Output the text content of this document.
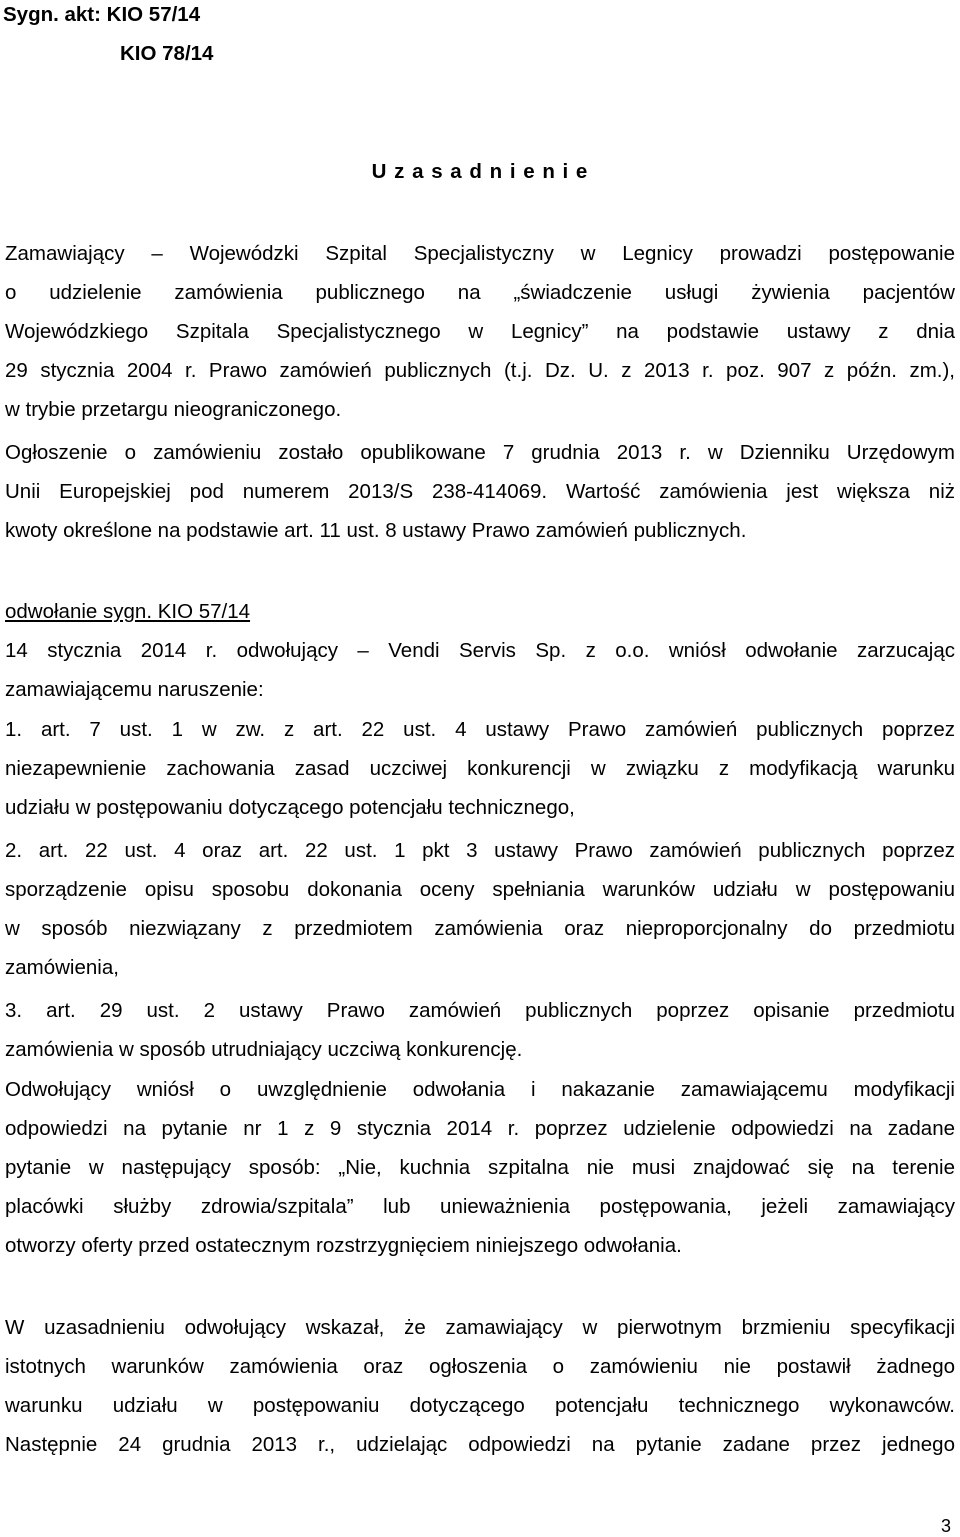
Sygn. akt: KIO 57/14
KIO 78/14
U z a s a d n i e n i e
Zamawiający – Wojewódzki Szpital Specjalistyczny w Legnicy prowadzi postępowanie
o udzielenie zamówienia publicznego na „świadczenie usługi żywienia pacjentów
Wojewódzkiego Szpitala Specjalistycznego w Legnicy” na podstawie ustawy z dnia
29 stycznia 2004 r. Prawo zamówień publicznych (t.j. Dz. U. z 2013 r. poz. 907 z późn. zm.),
w trybie przetargu nieograniczonego.
Ogłoszenie o zamówieniu zostało opublikowane 7 grudnia 2013 r. w Dzienniku Urzędowym
Unii Europejskiej pod numerem 2013/S 238-414069. Wartość zamówienia jest większa niż
kwoty określone na podstawie art. 11 ust. 8 ustawy Prawo zamówień publicznych.
odwołanie sygn. KIO 57/14
14 stycznia 2014 r. odwołujący – Vendi Servis Sp. z o.o. wniósł odwołanie zarzucając
zamawiającemu naruszenie:
1. art. 7 ust. 1 w zw. z art. 22 ust. 4 ustawy Prawo zamówień publicznych poprzez
niezapewnienie zachowania zasad uczciwej konkurencji w związku z modyfikacją warunku
udziału w postępowaniu dotyczącego potencjału technicznego,
2. art. 22 ust. 4 oraz art. 22 ust. 1 pkt 3 ustawy Prawo zamówień publicznych poprzez
sporządzenie opisu sposobu dokonania oceny spełniania warunków udziału w postępowaniu
w sposób niezwiązany z przedmiotem zamówienia oraz nieproporcjonalny do przedmiotu
zamówienia,
3. art. 29 ust. 2 ustawy Prawo zamówień publicznych poprzez opisanie przedmiotu
zamówienia w sposób utrudniający uczciwą konkurencję.
Odwołujący wniósł o uwzględnienie odwołania i nakazanie zamawiającemu modyfikacji
odpowiedzi na pytanie nr 1 z 9 stycznia 2014 r. poprzez udzielenie odpowiedzi na zadane
pytanie w następujący sposób: „Nie, kuchnia szpitalna nie musi znajdować się na terenie
placówki służby zdrowia/szpitala” lub unieważnienia postępowania, jeżeli zamawiający
otworzy oferty przed ostatecznym rozstrzygnięciem niniejszego odwołania.
W uzasadnieniu odwołujący wskazał, że zamawiający w pierwotnym brzmieniu specyfikacji
istotnych warunków zamówienia oraz ogłoszenia o zamówieniu nie postawił żadnego
warunku udziału w postępowaniu dotyczącego potencjału technicznego wykonawców.
Następnie 24 grudnia 2013 r., udzielając odpowiedzi na pytanie zadane przez jednego
3
